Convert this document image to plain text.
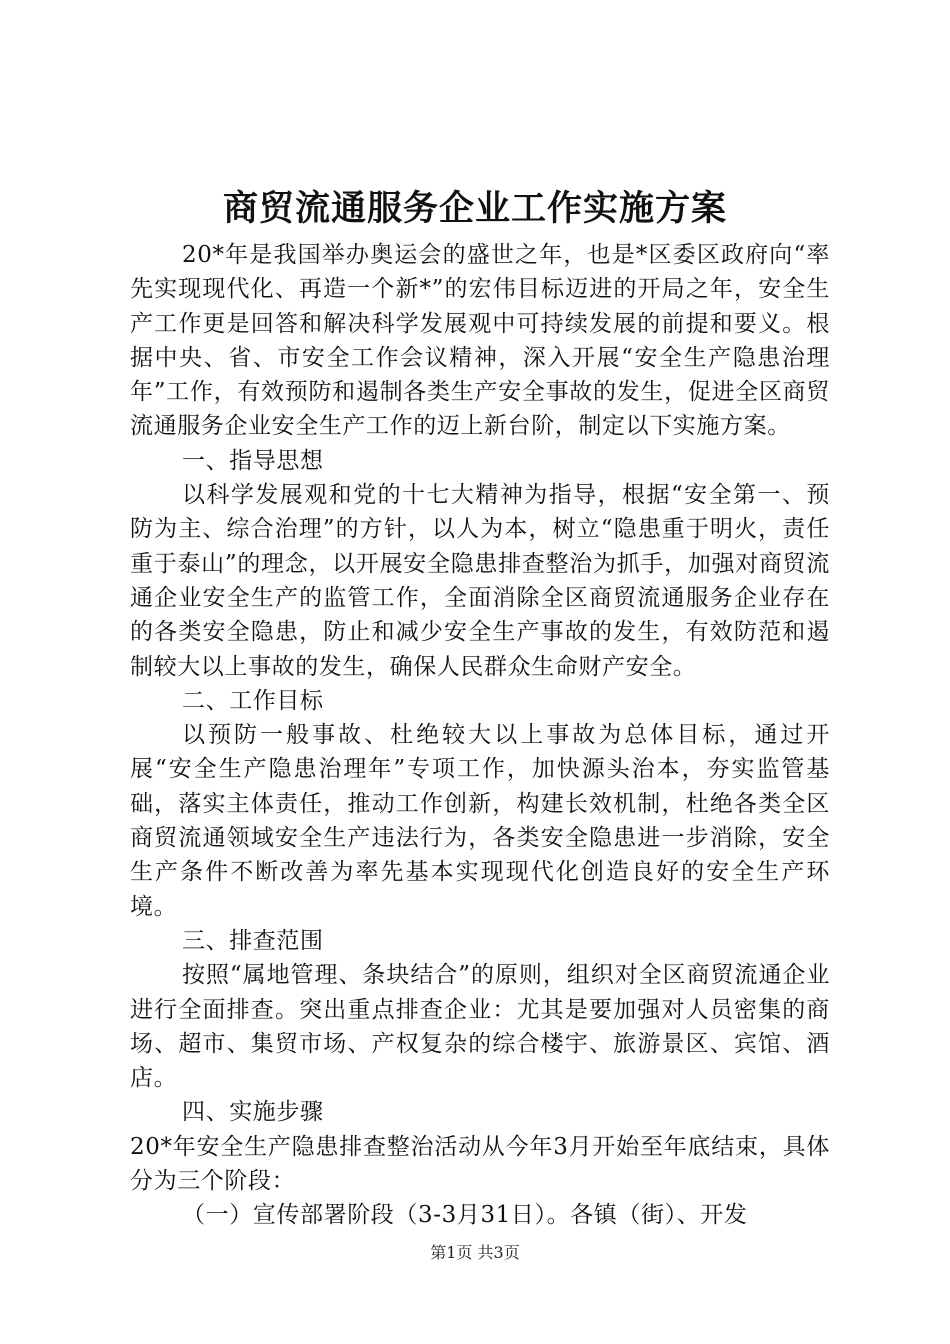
商贸流通服务企业工作实施方案

20*年是我国举办奥运会的盛世之年，也是*区委区政府向“率先实现现代化、再造一个新*”的宏伟目标迈进的开局之年，安全生产工作更是回答和解决科学发展观中可持续发展的前提和要义。根据中央、省、市安全工作会议精神，深入开展“安全生产隐患治理年”工作，有效预防和遏制各类生产安全事故的发生，促进全区商贸流通服务企业安全生产工作的迈上新台阶，制定以下实施方案。

一、指导思想

以科学发展观和党的十七大精神为指导，根据“安全第一、预防为主、综合治理”的方针，以人为本，树立“隐患重于明火，责任重于泰山”的理念，以开展安全隐患排查整治为抓手，加强对商贸流通企业安全生产的监管工作，全面消除全区商贸流通服务企业存在的各类安全隐患，防止和减少安全生产事故的发生，有效防范和遏制较大以上事故的发生，确保人民群众生命财产安全。

二、工作目标

以预防一般事故、杜绝较大以上事故为总体目标，通过开展“安全生产隐患治理年”专项工作，加快源头治本，夯实监管基础，落实主体责任，推动工作创新，构建长效机制，杜绝各类全区商贸流通领域安全生产违法行为，各类安全隐患进一步消除，安全生产条件不断改善为率先基本实现现代化创造良好的安全生产环境。

三、排查范围

按照“属地管理、条块结合”的原则，组织对全区商贸流通企业进行全面排查。突出重点排查企业：尤其是要加强对人员密集的商场、超市、集贸市场、产权复杂的综合楼宇、旅游景区、宾馆、酒店。

四、实施步骤

20*年安全生产隐患排查整治活动从今年3月开始至年底结束，具体分为三个阶段：

（一）宣传部署阶段（3-3月31日）。各镇（街）、开发

第1页 共3页
